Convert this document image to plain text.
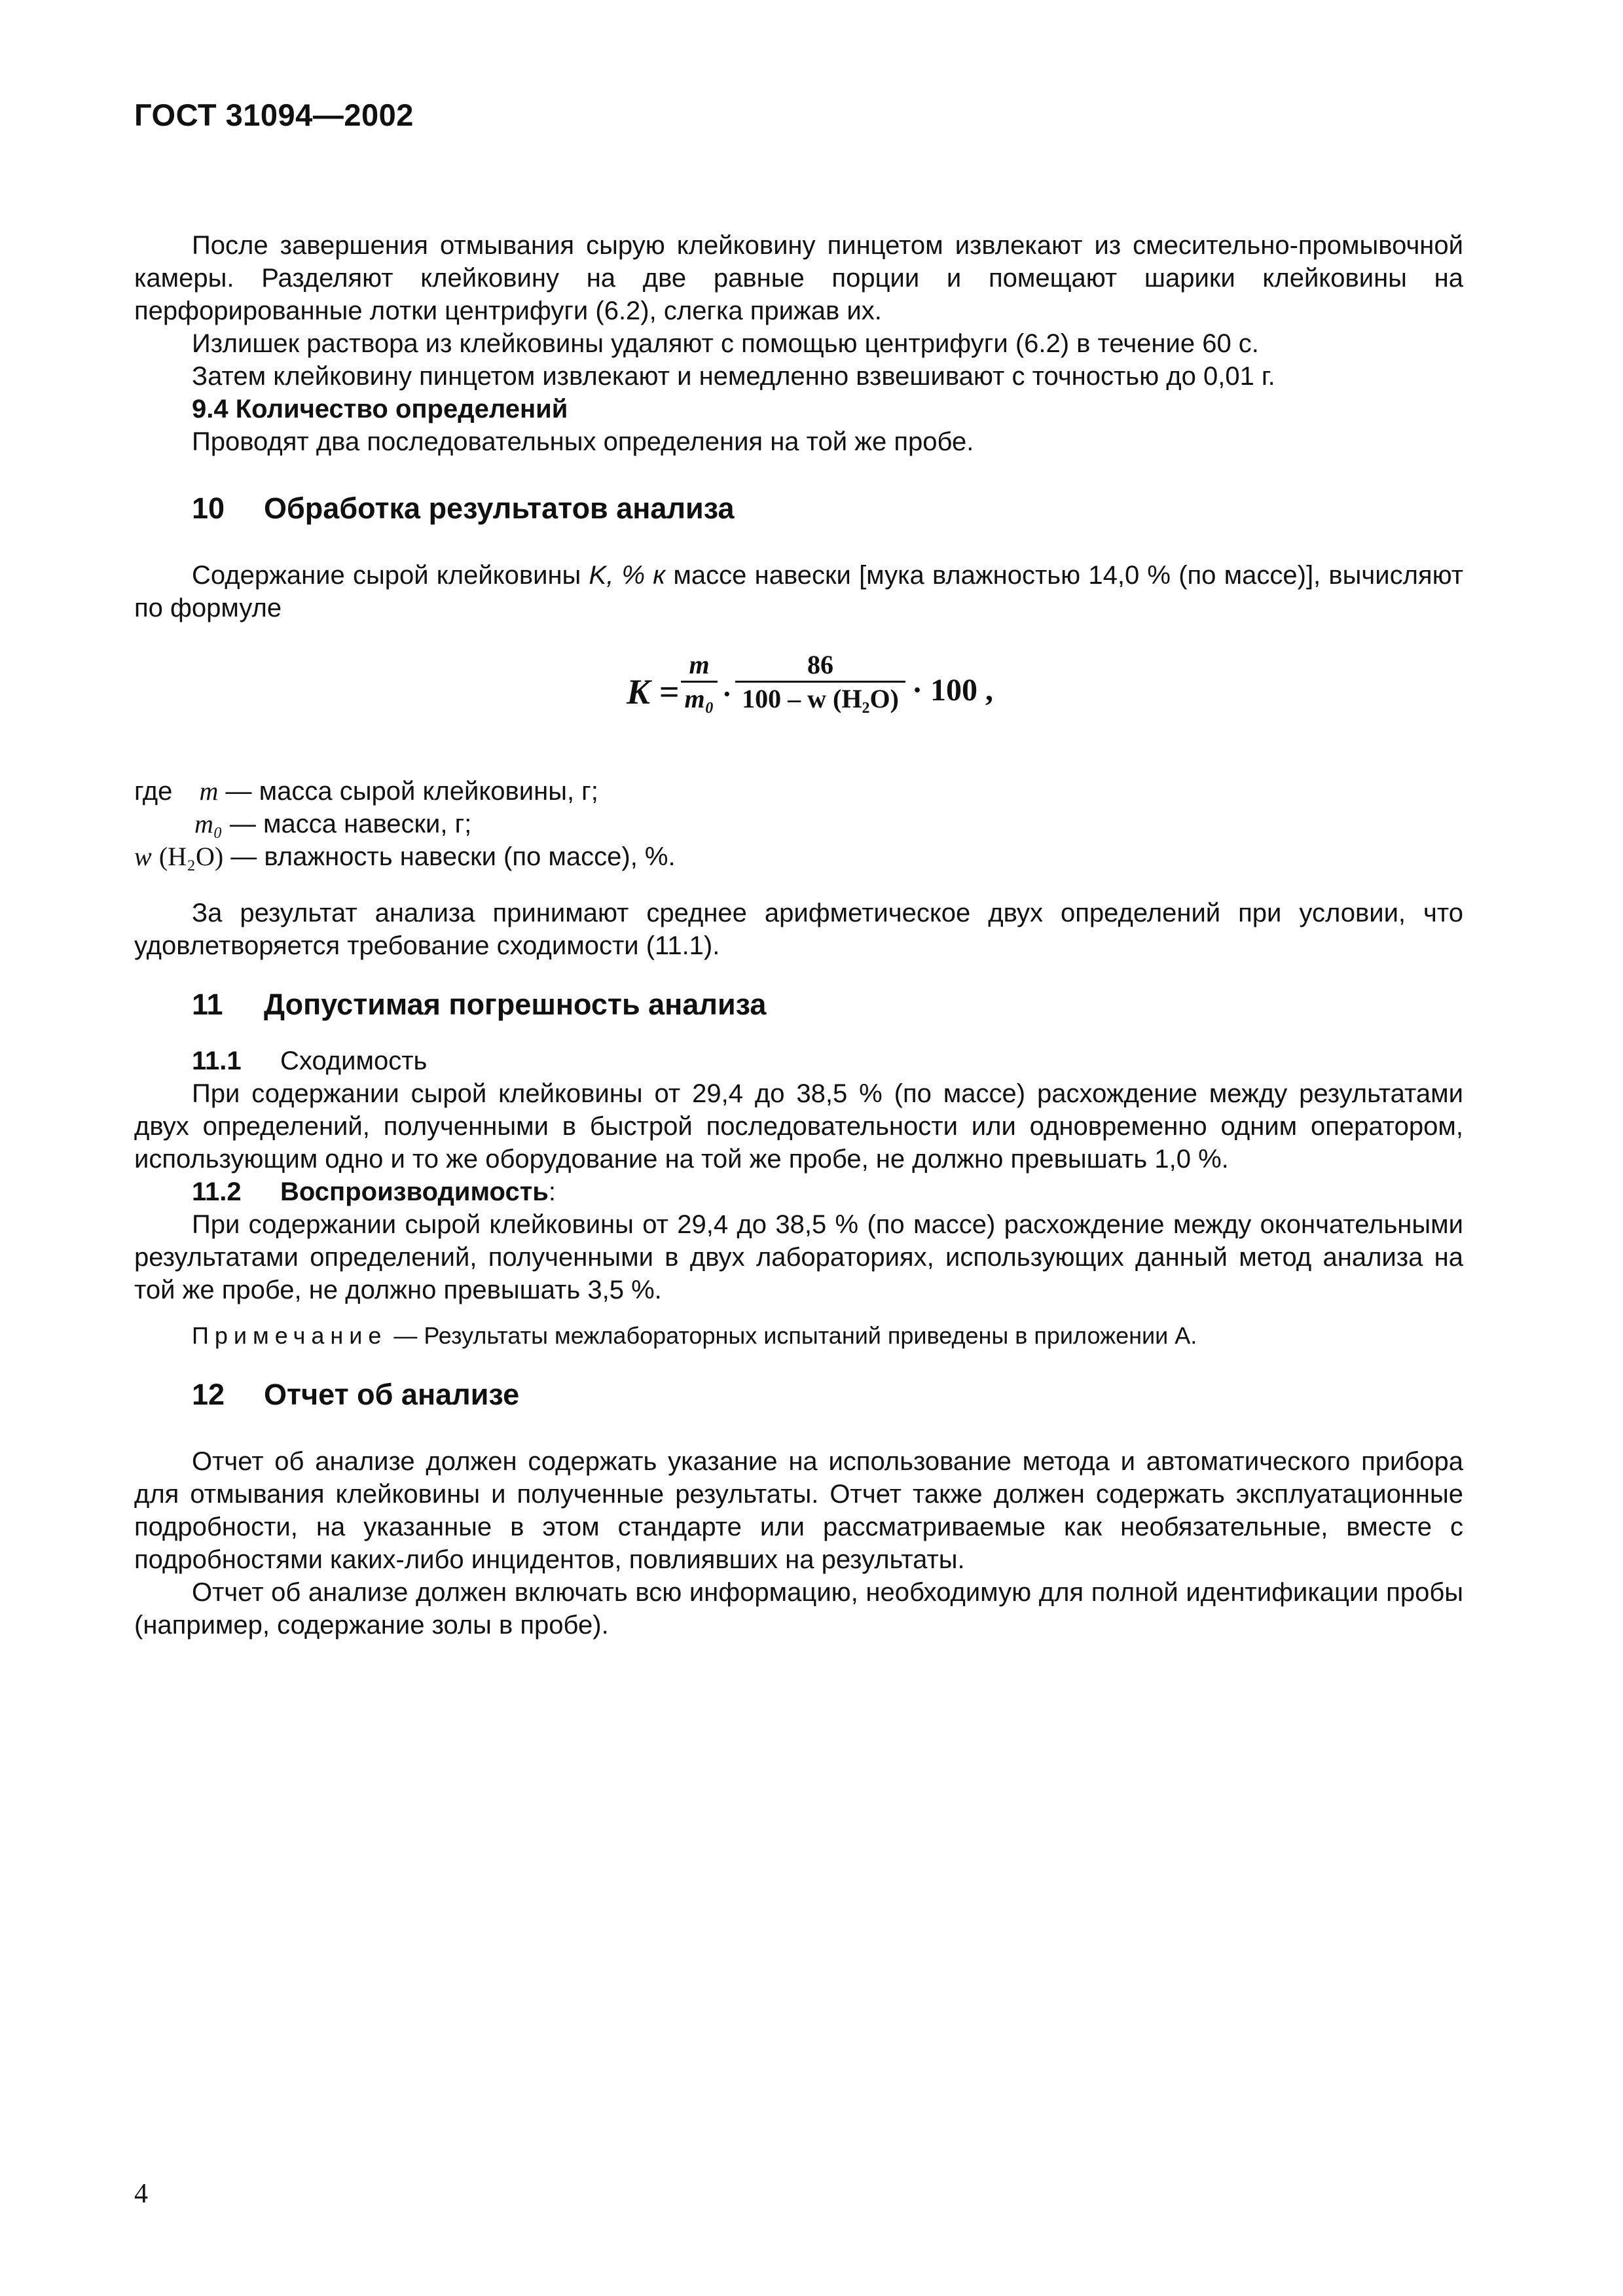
ГОСТ 31094—2002

После завершения отмывания сырую клейковину пинцетом извлекают из смесительно-промывочной камеры. Разделяют клейковину на две равные порции и помещают шарики клейковины на перфорированные лотки центрифуги (6.2), слегка прижав их.

Излишек раствора из клейковины удаляют с помощью центрифуги (6.2) в течение 60 с.

Затем клейковину пинцетом извлекают и немедленно взвешивают с точностью до 0,01 г.

9.4 Количество определений

Проводят два последовательных определения на той же пробе.

10 Обработка результатов анализа

Содержание сырой клейковины K, % к массе навески [мука влажностью 14,0 % (по массе)], вычисляют по формуле

$K = \frac{m}{\text{m₀}} \cdot \frac{86}{\text{100 – w (H₂O)}} \cdot 100$ ,
где m — масса сырой клейковины, г;
m₀ — масса навески, г;
w (H₂O) — влажность навески (по массе), %.

За результат анализа принимают среднее арифметическое двух определений при условии, что удовлетворяется требование сходимости (11.1).

11 Допустимая погрешность анализа
11.1 Сходимость

При содержании сырой клейковины от 29,4 до 38,5 % (по массе) расхождение между результатами двух определений, полученными в быстрой последовательности или одновременно одним оператором, использующим одно и то же оборудование на той же пробе, не должно превышать 1,0 %.

11.2 Воспроизводимость:

При содержании сырой клейковины от 29,4 до 38,5 % (по массе) расхождение между окончательными результатами определений, полученными в двух лабораториях, использующих данный метод анализа на той же пробе, не должно превышать 3,5 %.

Примечание — Результаты межлабораторных испытаний приведены в приложении А.

12 Отчет об анализе

Отчет об анализе должен содержать указание на использование метода и автоматического прибора для отмывания клейковины и полученные результаты. Отчет также должен содержать эксплуатационные подробности, на указанные в этом стандарте или рассматриваемые как необязательные, вместе с подробностями каких-либо инцидентов, повлиявших на результаты.

Отчет об анализе должен включать всю информацию, необходимую для полной идентификации пробы (например, содержание золы в пробе).

4
